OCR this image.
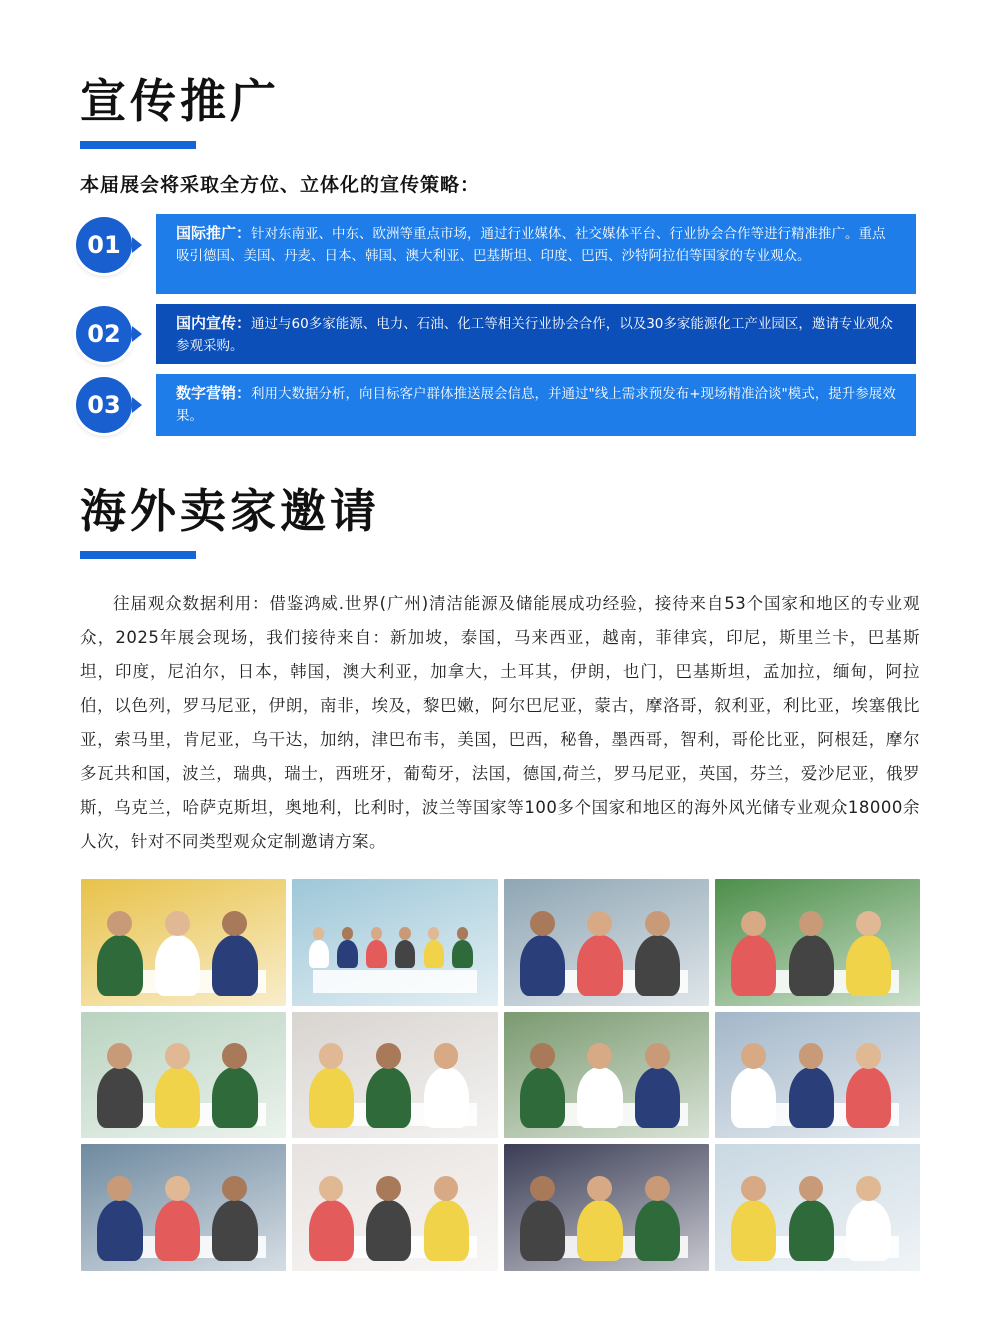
宣传推广
本届展会将采取全方位、立体化的宣传策略：
01	国际推广：针对东南亚、中东、欧洲等重点市场，通过行业媒体、社交媒体平台、行业协会合作等进行精准推广。重点吸引德国、美国、丹麦、日本、韩国、澳大利亚、巴基斯坦、印度、巴西、沙特阿拉伯等国家的专业观众。
02	国内宣传：通过与60多家能源、电力、石油、化工等相关行业协会合作，以及30多家能源化工产业园区，邀请专业观众参观采购。
03	数字营销：利用大数据分析，向目标客户群体推送展会信息，并通过"线上需求预发布+现场精准洽谈"模式，提升参展效果。
海外卖家邀请
往届观众数据利用：借鉴鸿威.世界(广州)清洁能源及储能展成功经验，接待来自53个国家和地区的专业观众，2025年展会现场，我们接待来自：新加坡，泰国，马来西亚，越南，菲律宾，印尼，斯里兰卡，巴基斯坦，印度，尼泊尔，日本，韩国，澳大利亚，加拿大，土耳其，伊朗，也门，巴基斯坦，孟加拉，缅甸，阿拉伯，以色列，罗马尼亚，伊朗，南非，埃及，黎巴嫩，阿尔巴尼亚，蒙古，摩洛哥，叙利亚，利比亚，埃塞俄比亚，索马里，肯尼亚，乌干达，加纳，津巴布韦，美国，巴西，秘鲁，墨西哥，智利，哥伦比亚，阿根廷，摩尔多瓦共和国，波兰，瑞典，瑞士，西班牙，葡萄牙，法国，德国,荷兰，罗马尼亚，英国，芬兰，爱沙尼亚，俄罗斯，乌克兰，哈萨克斯坦，奥地利，比利时，波兰等国家等100多个国家和地区的海外风光储专业观众18000余人次，针对不同类型观众定制邀请方案。
